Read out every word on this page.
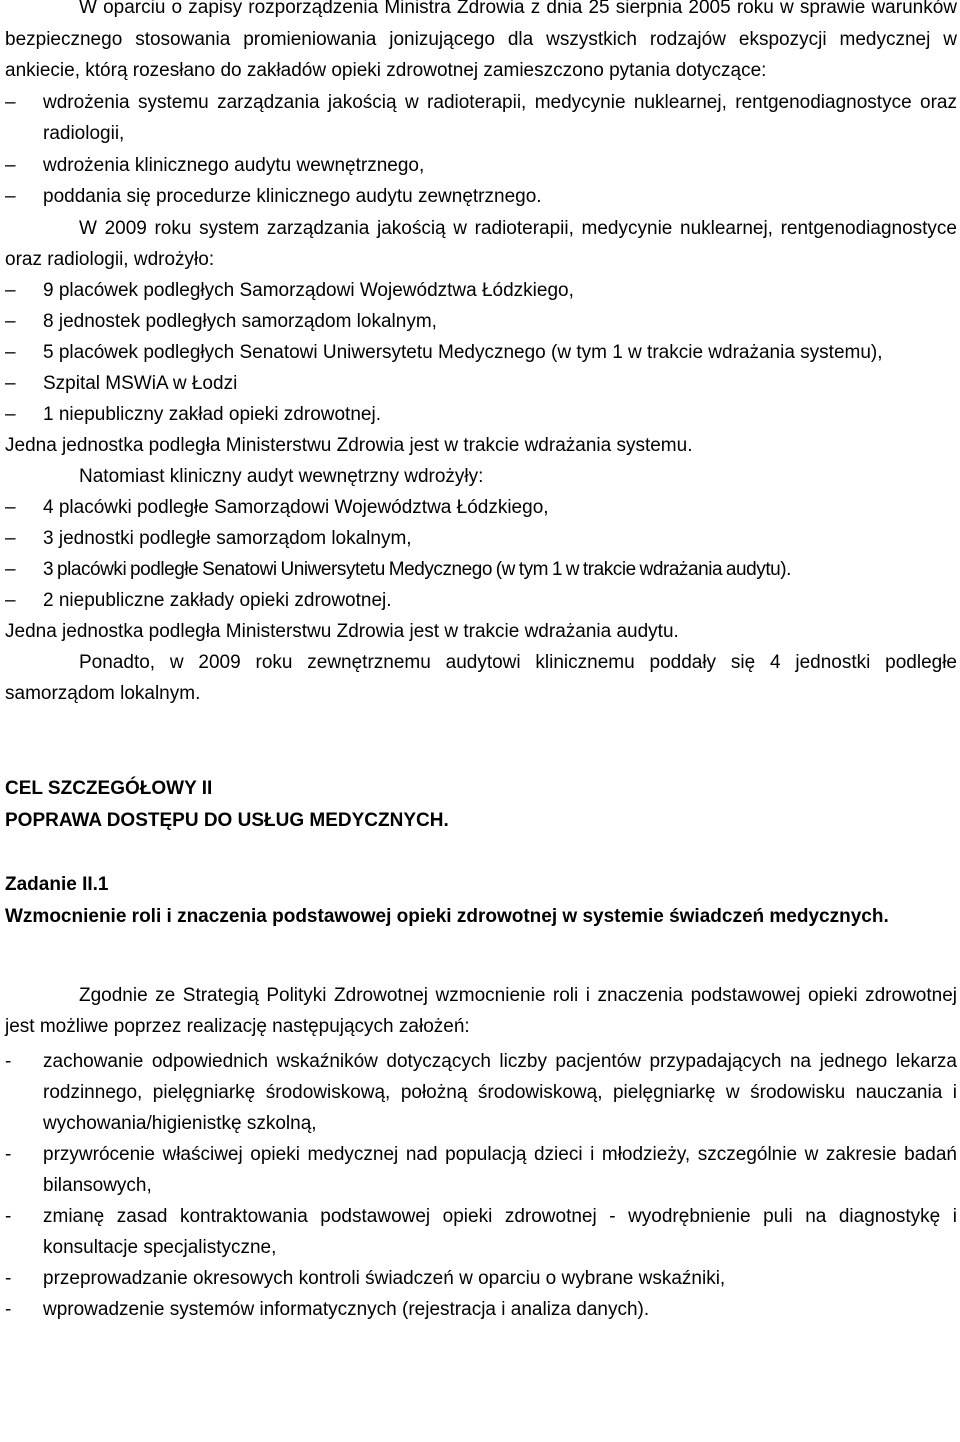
W oparciu o zapisy rozporządzenia Ministra Zdrowia z dnia 25 sierpnia 2005 roku w sprawie warunków bezpiecznego stosowania promieniowania jonizującego dla wszystkich rodzajów ekspozycji medycznej w ankiecie, którą rozesłano do zakładów opieki zdrowotnej zamieszczono pytania dotyczące:

–	wdrożenia systemu zarządzania jakością w radioterapii, medycynie nuklearnej, rentgenodiagnostyce oraz radiologii,
–	wdrożenia klinicznego audytu wewnętrznego,
–	poddania się procedurze klinicznego audytu zewnętrznego.

W 2009 roku system zarządzania jakością w radioterapii, medycynie nuklearnej, rentgenodiagnostyce oraz radiologii, wdrożyło:

–	9 placówek podległych Samorządowi Województwa Łódzkiego,
–	8 jednostek podległych samorządom lokalnym,
–	5 placówek podległych Senatowi Uniwersytetu Medycznego (w tym 1 w trakcie wdrażania systemu),
–	Szpital MSWiA w Łodzi
–	1 niepubliczny zakład opieki zdrowotnej.

Jedna jednostka podległa Ministerstwu Zdrowia jest w trakcie wdrażania systemu.

Natomiast kliniczny audyt wewnętrzny wdrożyły:

–	4 placówki podległe Samorządowi Województwa Łódzkiego,
–	3 jednostki podległe samorządom lokalnym,
–	3 placówki podległe Senatowi Uniwersytetu Medycznego (w tym 1 w trakcie wdrażania audytu).
–	2 niepubliczne zakłady opieki zdrowotnej.

Jedna jednostka podległa Ministerstwu Zdrowia jest w trakcie wdrażania audytu.

Ponadto, w 2009 roku zewnętrznemu audytowi klinicznemu poddały się 4 jednostki podległe samorządom lokalnym.

CEL SZCZEGÓŁOWY II

POPRAWA DOSTĘPU DO USŁUG MEDYCZNYCH.

Zadanie II.1

Wzmocnienie roli i znaczenia podstawowej opieki zdrowotnej w systemie świadczeń medycznych.

Zgodnie ze Strategią Polityki Zdrowotnej wzmocnienie roli i znaczenia podstawowej opieki zdrowotnej jest możliwe poprzez realizację następujących założeń:

-	zachowanie odpowiednich wskaźników dotyczących liczby pacjentów przypadających na jednego lekarza rodzinnego, pielęgniarkę środowiskową, położną środowiskową, pielęgniarkę w środowisku nauczania i wychowania/higienistkę szkolną,
-	przywrócenie właściwej opieki medycznej nad populacją dzieci i młodzieży, szczególnie w zakresie badań bilansowych,
-	zmianę zasad kontraktowania podstawowej opieki zdrowotnej - wyodrębnienie puli na diagnostykę i konsultacje specjalistyczne,
-	przeprowadzanie okresowych kontroli świadczeń w oparciu o wybrane wskaźniki,
-	wprowadzenie systemów informatycznych (rejestracja i analiza danych).
